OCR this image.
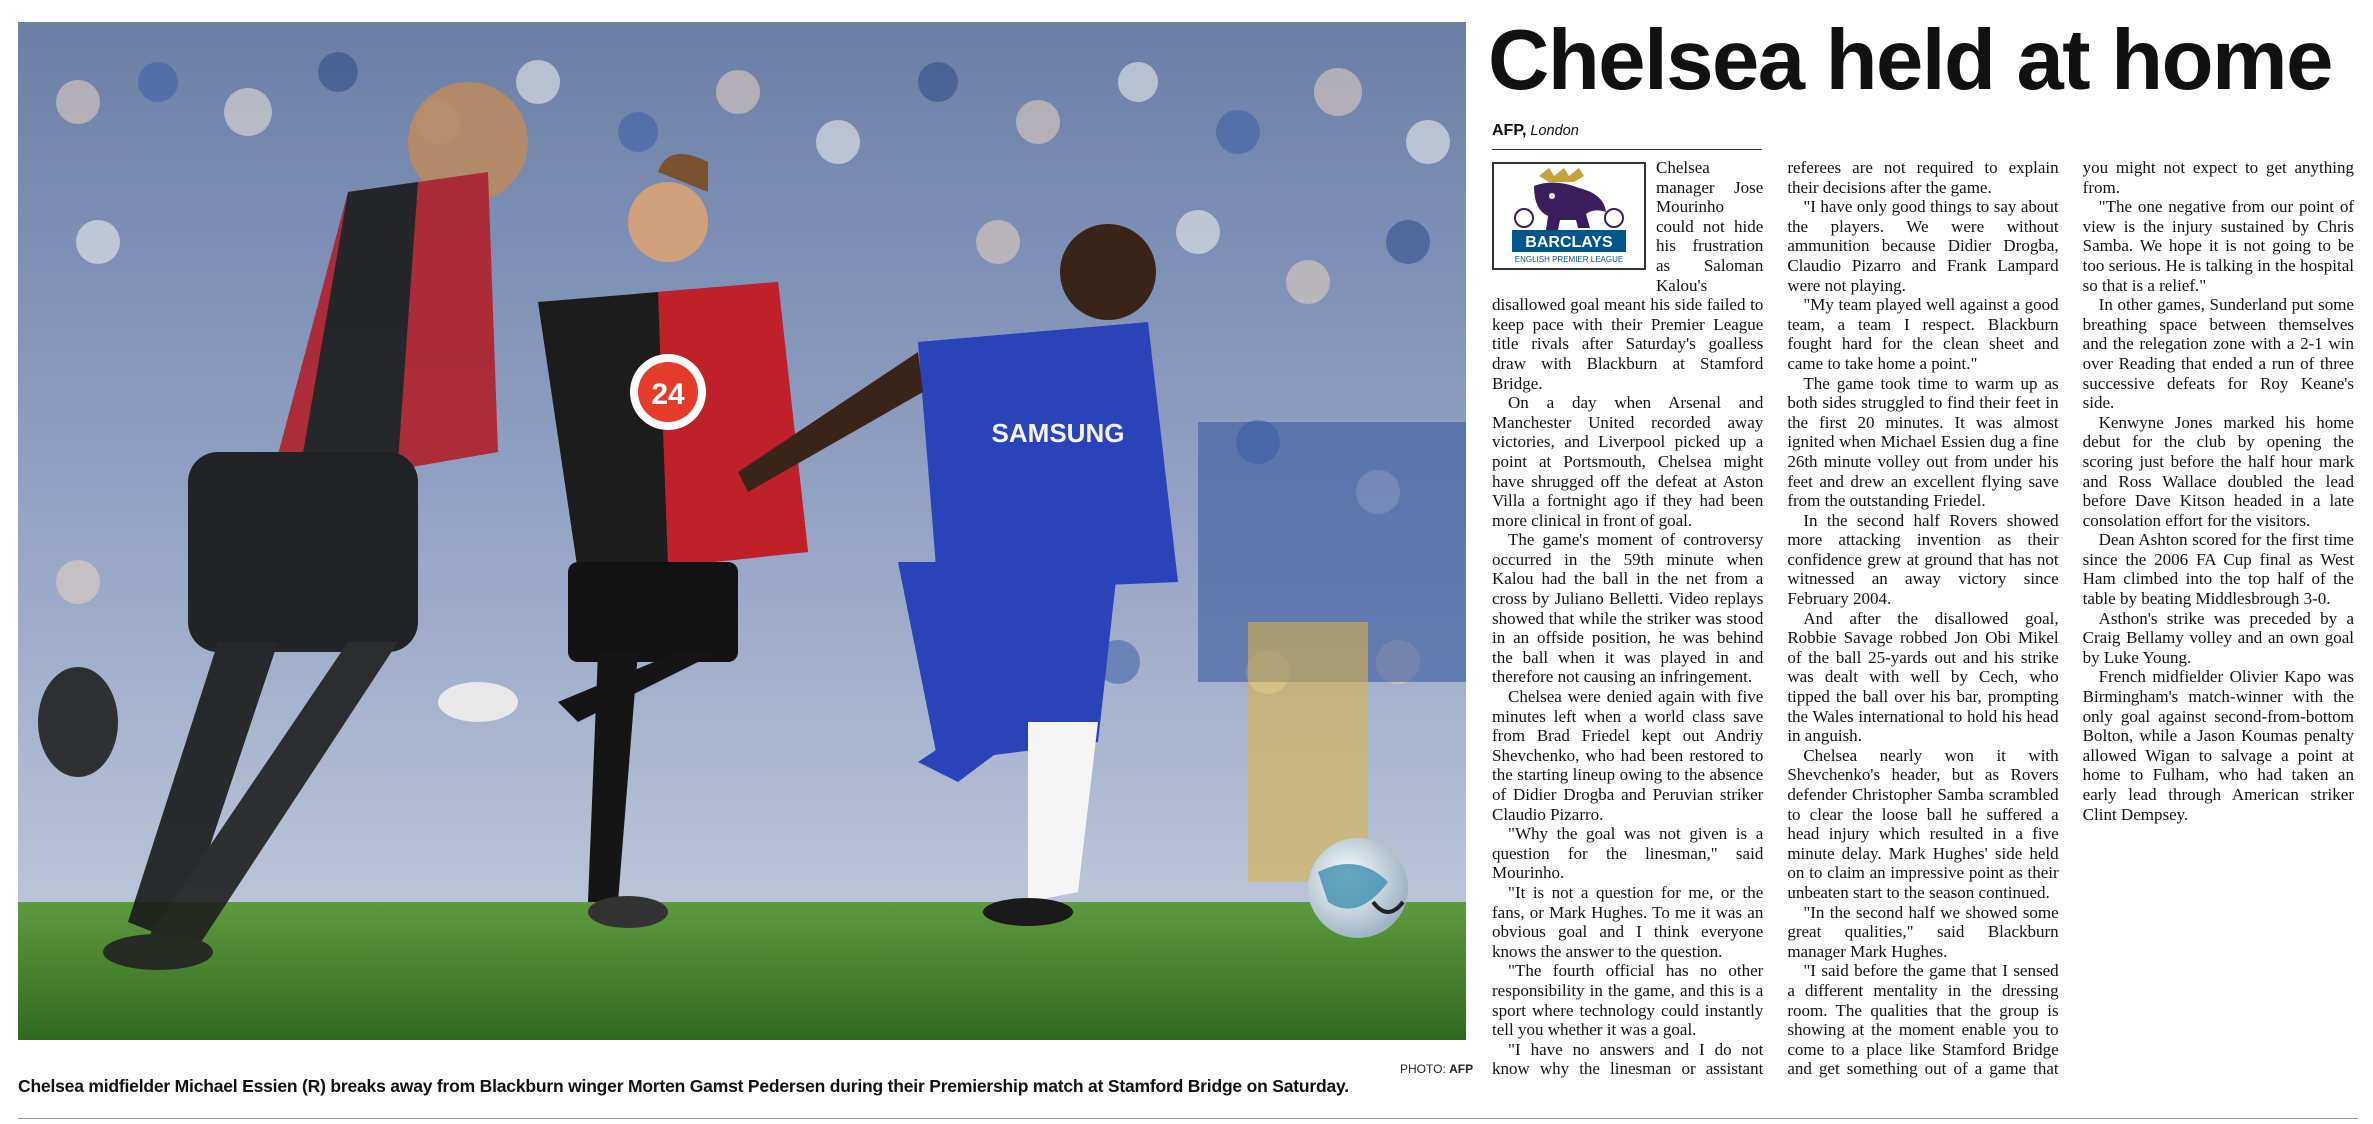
24
SAMSUNG
PHOTO: AFP
Chelsea midfielder Michael Essien (R) breaks away from Blackburn winger Morten Gamst Pedersen during their Premiership match at Stamford Bridge on Saturday.
Chelsea held at home
AFP, London
BARCLAYS
ENGLISH PREMIER LEAGUE

Chelsea manager Jose Mourinho could not hide his frustration as Saloman Kalou's disallowed goal meant his side failed to keep pace with their Premier League title rivals after Saturday's goalless draw with Blackburn at Stamford Bridge.

On a day when Arsenal and Manchester United recorded away victories, and Liverpool picked up a point at Portsmouth, Chelsea might have shrugged off the defeat at Aston Villa a fortnight ago if they had been more clinical in front of goal.

The game's moment of controversy occurred in the 59th minute when Kalou had the ball in the net from a cross by Juliano Belletti. Video replays showed that while the striker was stood in an offside position, he was behind the ball when it was played in and therefore not causing an infringement.

Chelsea were denied again with five minutes left when a world class save from Brad Friedel kept out Andriy Shevchenko, who had been restored to the starting lineup owing to the absence of Didier Drogba and Peruvian striker Claudio Pizarro.

"Why the goal was not given is a question for the linesman," said Mourinho.

"It is not a question for me, or the fans, or Mark Hughes. To me it was an obvious goal and I think everyone knows the answer to the question.

"The fourth official has no other responsibility in the game, and this is a sport where technology could instantly tell you whether it was a goal.

"I have no answers and I do not know why the linesman or assistant referees are not required to explain their decisions after the game.

"I have only good things to say about the players. We were without ammunition because Didier Drogba, Claudio Pizarro and Frank Lampard were not playing.

"My team played well against a good team, a team I respect. Blackburn fought hard for the clean sheet and came to take home a point."

The game took time to warm up as both sides struggled to find their feet in the first 20 minutes. It was almost ignited when Michael Essien dug a fine 26th minute volley out from under his feet and drew an excellent flying save from the outstanding Friedel.

In the second half Rovers showed more attacking invention as their confidence grew at ground that has not witnessed an away victory since February 2004.

And after the disallowed goal, Robbie Savage robbed Jon Obi Mikel of the ball 25-yards out and his strike was dealt with well by Cech, who tipped the ball over his bar, prompting the Wales international to hold his head in anguish.

Chelsea nearly won it with Shevchenko's header, but as Rovers defender Christopher Samba scrambled to clear the loose ball he suffered a head injury which resulted in a five minute delay. Mark Hughes' side held on to claim an impressive point as their unbeaten start to the season continued.

"In the second half we showed some great qualities," said Blackburn manager Mark Hughes.

"I said before the game that I sensed a different mentality in the dressing room. The qualities that the group is showing at the moment enable you to come to a place like Stamford Bridge and get something out of a game that you might not expect to get anything from.

"The one negative from our point of view is the injury sustained by Chris Samba. We hope it is not going to be too serious. He is talking in the hospital so that is a relief."

In other games, Sunderland put some breathing space between themselves and the relegation zone with a 2-1 win over Reading that ended a run of three successive defeats for Roy Keane's side.

Kenwyne Jones marked his home debut for the club by opening the scoring just before the half hour mark and Ross Wallace doubled the lead before Dave Kitson headed in a late consolation effort for the visitors.

Dean Ashton scored for the first time since the 2006 FA Cup final as West Ham climbed into the top half of the table by beating Middlesbrough 3-0.

Asthon's strike was preceded by a Craig Bellamy volley and an own goal by Luke Young.

French midfielder Olivier Kapo was Birmingham's match-winner with the only goal against second-from-bottom Bolton, while a Jason Koumas penalty allowed Wigan to salvage a point at home to Fulham, who had taken an early lead through American striker Clint Dempsey.
